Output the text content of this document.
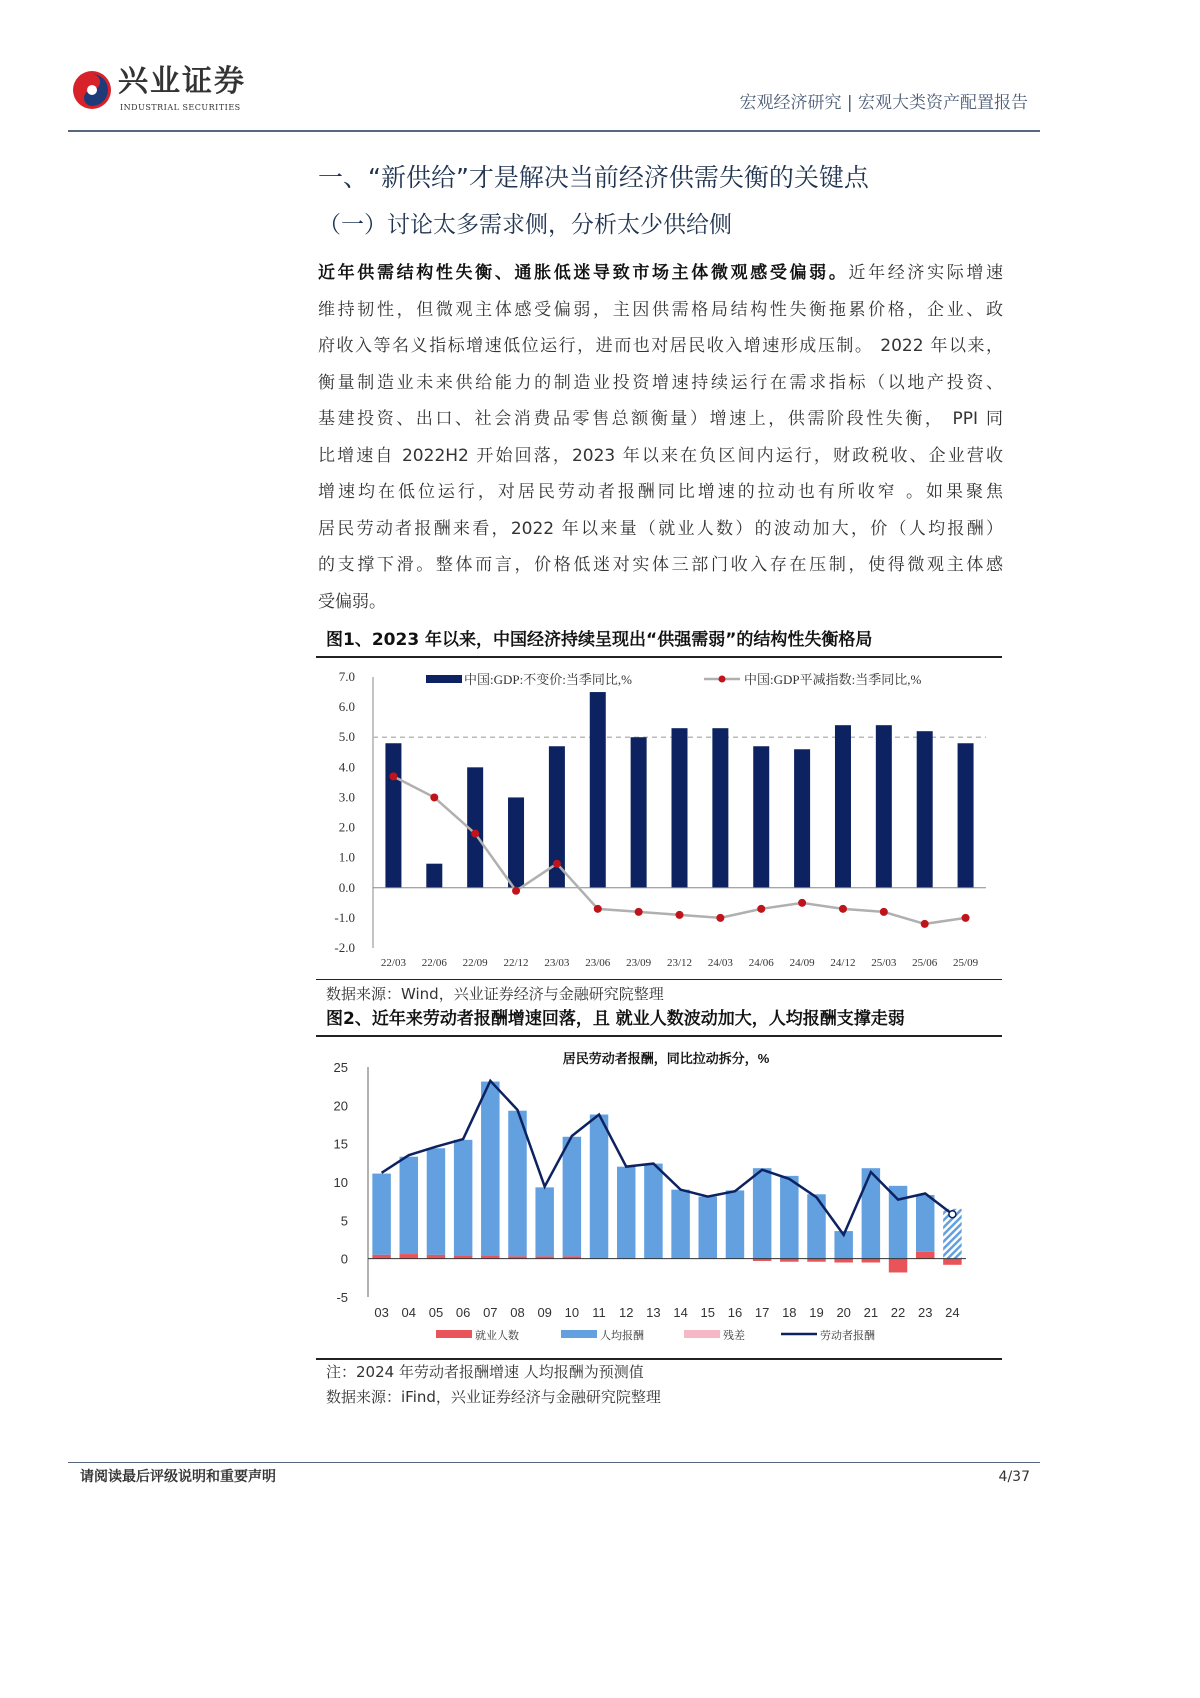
兴业证券
INDUSTRIAL SECURITIES	宏观经济研究 | 宏观大类资产配置报告
一、“新供给”才是解决当前经济供需失衡的关键点
（一）讨论太多需求侧，分析太少供给侧
近年供需结构性失衡、通胀低迷导致市场主体微观感受偏弱。近年经济实际增速
维持韧性，但微观主体感受偏弱，主因供需格局结构性失衡拖累价格，企业、政
府收入等名义指标增速低位运行，进而也对居民收入增速形成压制。 2022 年以来，
衡量制造业未来供给能力的制造业投资增速持续运行在需求指标（以地产投资、
基建投资、出口、社会消费品零售总额衡量）增速上，供需阶段性失衡， PPI 同
比增速自 2022H2 开始回落，2023 年以来在负区间内运行，财政税收、企业营收
增速均在低位运行，对居民劳动者报酬同比增速的拉动也有所收窄 。如果聚焦
居民劳动者报酬来看，2022 年以来量（就业人数）的波动加大，价（人均报酬）
的支撑下滑。整体而言，价格低迷对实体三部门收入存在压制，使得微观主体感
受偏弱。
图1、2023 年以来，中国经济持续呈现出“供强需弱”的结构性失衡格局
7.0
6.0
5.0
4.0
3.0
2.0
1.0
0.0
-1.0
-2.0
22/03 22/06 22/09 22/12 23/03 23/06 23/09 23/12 24/03 24/06 24/09 24/12 25/03 25/06 25/09
中国:GDP:不变价:当季同比,%	中国:GDP平减指数:当季同比,%
数据来源：Wind，兴业证券经济与金融研究院整理
图2、近年来劳动者报酬增速回落，且 就业人数波动加大，人均报酬支撑走弱
居民劳动者报酬，同比拉动拆分，%
25
20
15
10
5
0
-5
03 04 05 06 07 08 09 10 11 12 13 14 15 16 17 18 19 20 21 22 23 24
就业人数	人均报酬	残差	劳动者报酬
注：2024 年劳动者报酬增速 人均报酬为预测值
数据来源：iFind，兴业证券经济与金融研究院整理
请阅读最后评级说明和重要声明	4/37
